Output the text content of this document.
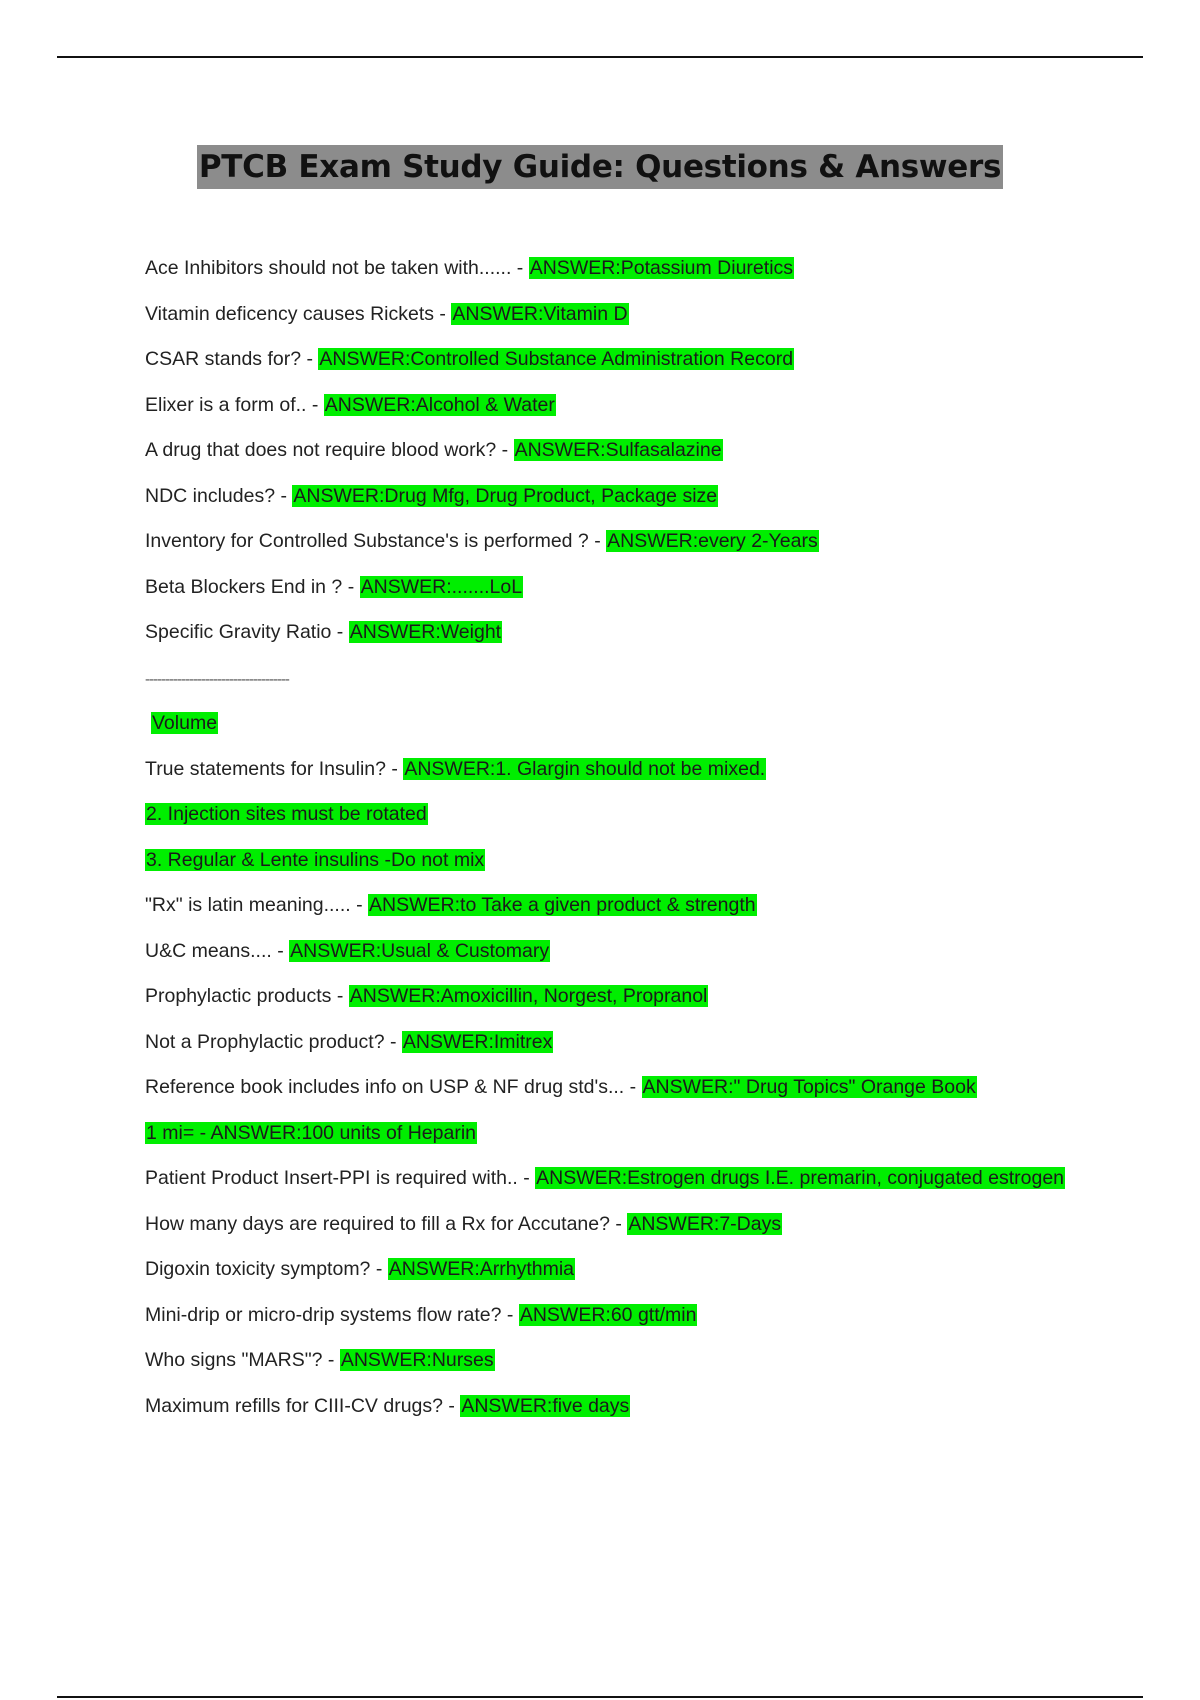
PTCB Exam Study Guide: Questions & Answers
Ace Inhibitors should not be taken with...... - ANSWER:Potassium Diuretics
Vitamin deficency causes Rickets - ANSWER:Vitamin D
CSAR stands for? - ANSWER:Controlled Substance Administration Record
Elixer is a form of.. - ANSWER:Alcohol & Water
A drug that does not require blood work? - ANSWER:Sulfasalazine
NDC includes? - ANSWER:Drug Mfg, Drug Product, Package size
Inventory for Controlled Substance's is performed ? - ANSWER:every 2-Years
Beta Blockers End in ? - ANSWER:.......LoL
Specific Gravity Ratio - ANSWER:Weight
------------------------------------
Volume
True statements for Insulin? - ANSWER:1. Glargin should not be mixed.
2. Injection sites must be rotated
3. Regular & Lente insulins -Do not mix
"Rx" is latin meaning..... - ANSWER:to Take a given product & strength
U&C means.... - ANSWER:Usual & Customary
Prophylactic products - ANSWER:Amoxicillin, Norgest, Propranol
Not a Prophylactic product? - ANSWER:Imitrex
Reference book includes info on USP & NF drug std's... - ANSWER:" Drug Topics" Orange Book
1 mi= - ANSWER:100 units of Heparin
Patient Product Insert-PPI is required with.. - ANSWER:Estrogen drugs I.E. premarin, conjugated estrogen
How many days are required to fill a Rx for Accutane? - ANSWER:7-Days
Digoxin toxicity symptom? - ANSWER:Arrhythmia
Mini-drip or micro-drip systems flow rate? - ANSWER:60 gtt/min
Who signs "MARS"? - ANSWER:Nurses
Maximum refills for CIII-CV drugs? - ANSWER:five days
